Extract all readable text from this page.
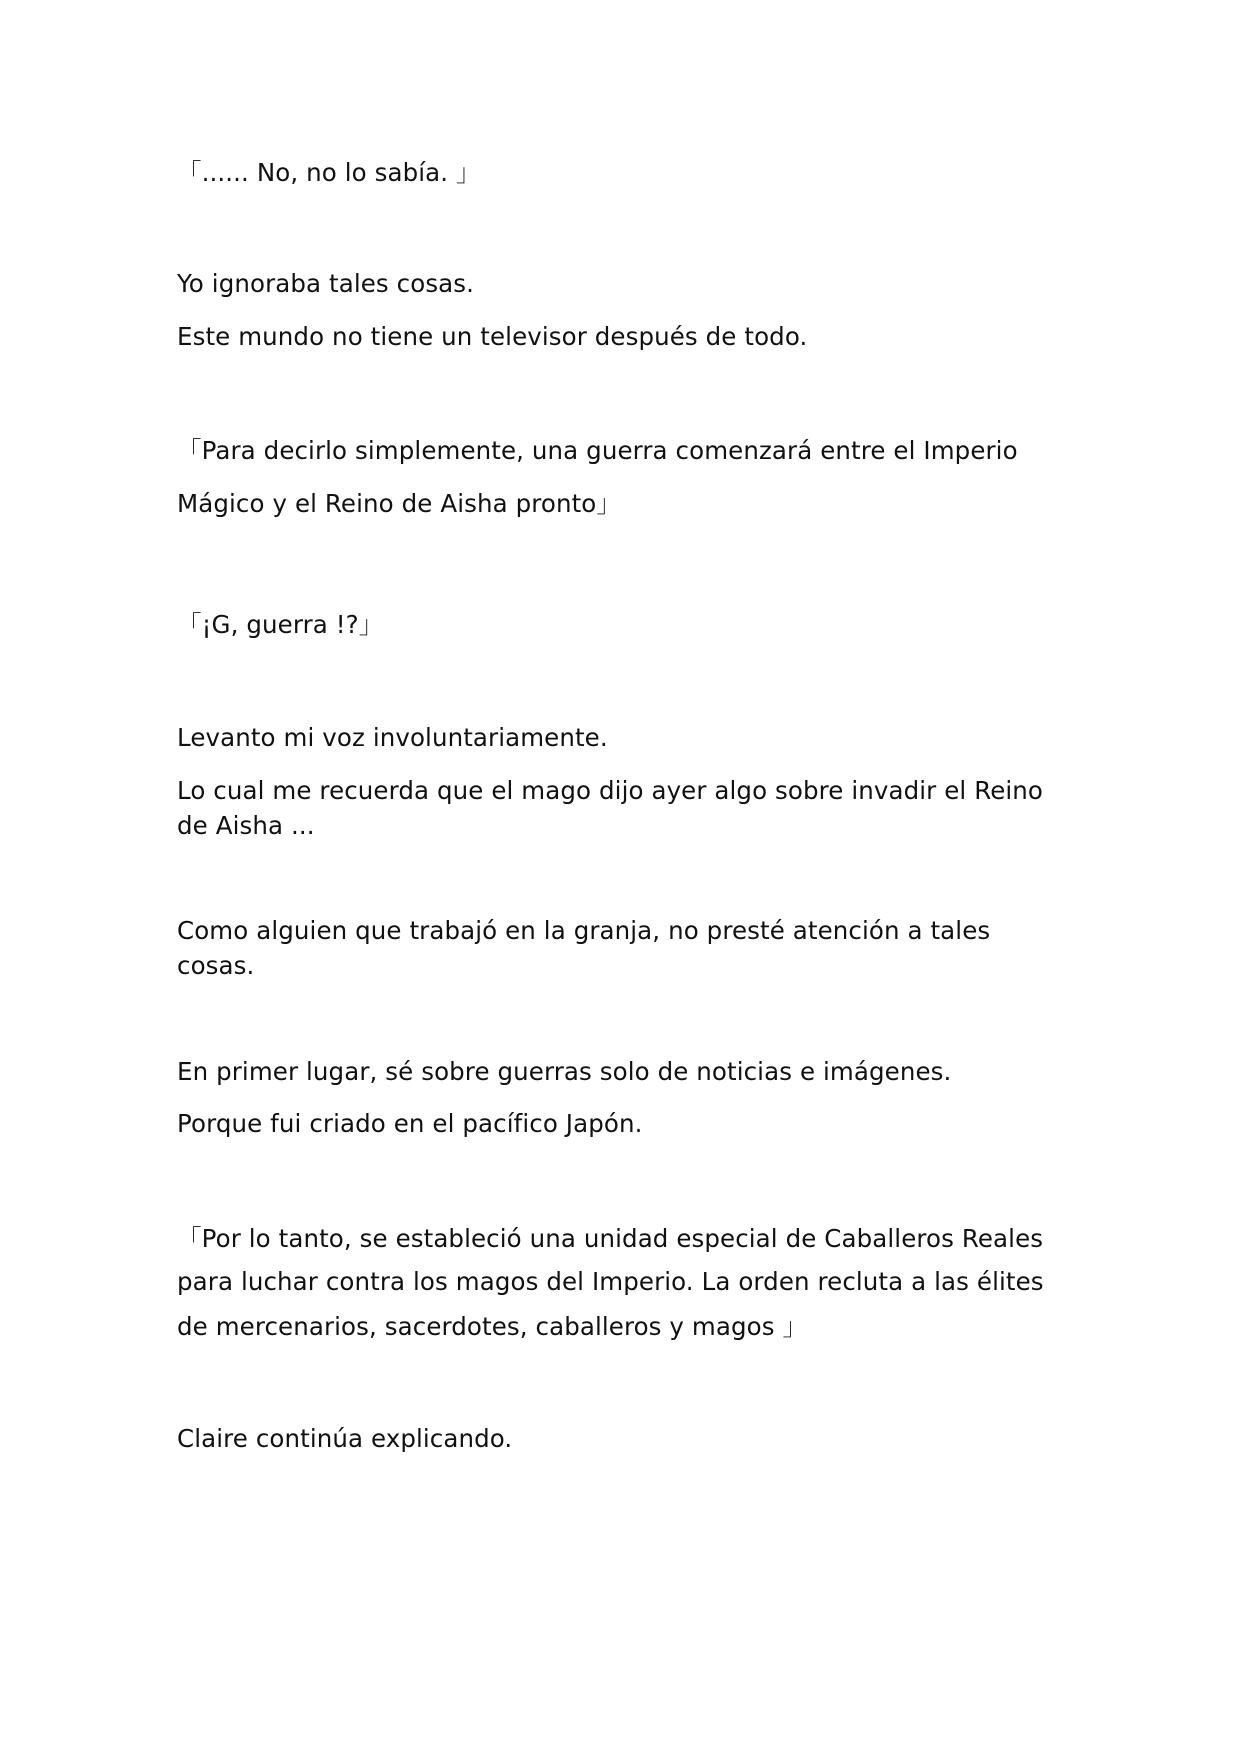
「...... No, no lo sabía. 」
Yo ignoraba tales cosas.
Este mundo no tiene un televisor después de todo.
「Para decirlo simplemente, una guerra comenzará entre el Imperio
Mágico y el Reino de Aisha pronto」
「¡G, guerra !?」
Levanto mi voz involuntariamente.
Lo cual me recuerda que el mago dijo ayer algo sobre invadir el Reino
de Aisha ...
Como alguien que trabajó en la granja, no presté atención a tales
cosas.
En primer lugar, sé sobre guerras solo de noticias e imágenes.
Porque fui criado en el pacífico Japón.
「Por lo tanto, se estableció una unidad especial de Caballeros Reales
para luchar contra los magos del Imperio. La orden recluta a las élites
de mercenarios, sacerdotes, caballeros y magos 」
Claire continúa explicando.
